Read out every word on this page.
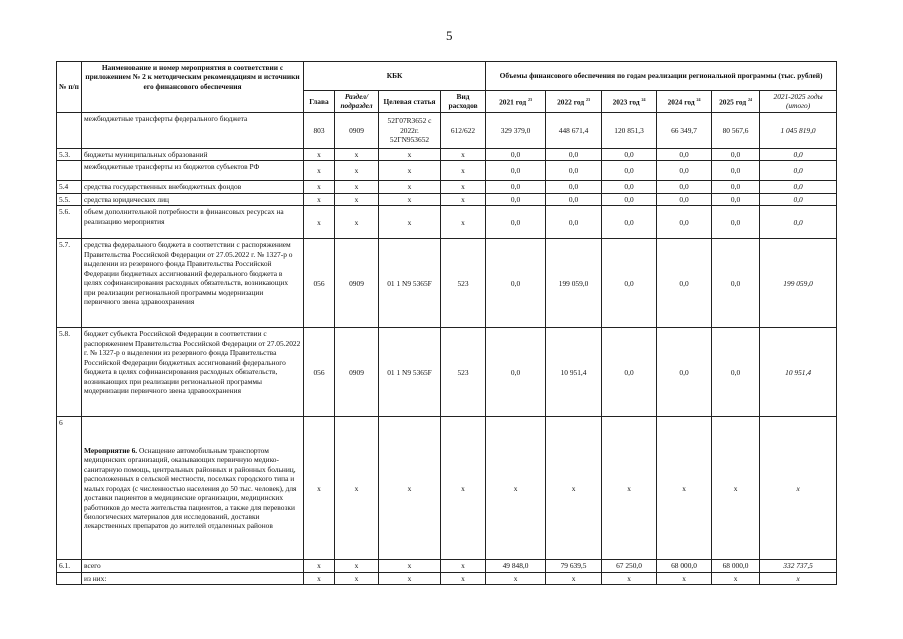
5
№ п/п	Наименование и номер мероприятия в соответствии с приложением № 2 к методическим рекомендациям и источники его финансового обеспечения	КБК				Объемы финансового обеспечения по годам реализации региональной программы (тыс. рублей)					
		Глава	Раздел/ подраздел	Целевая статья	Вид расходов	2021 год $^{23}$	2022 год $^{23}$	2023 год $^{24}$	2024 год $^{24}$	2025 год $^{24}$	2021-2025 годы (итого)
	межбюджетные трансферты федерального бюджета	803	0909	52Г07R3652 с 2022г. 52ГN953652	612/622	329 379,0	448 671,4	120 851,3	66 349,7	80 567,6	1 045 819,0
5.3.	бюджеты муниципальных образований	x	x	x	x	0,0	0,0	0,0	0,0	0,0	0,0
	межбюджетные трансферты из бюджетов субъектов РФ	x	x	x	x	0,0	0,0	0,0	0,0	0,0	0,0
5.4	средства государственных внебюджетных фондов	x	x	x	x	0,0	0,0	0,0	0,0	0,0	0,0
5.5.	средства юридических лиц	x	x	x	x	0,0	0,0	0,0	0,0	0,0	0,0
5.6.	объем дополнительной потребности в финансовых ресурсах на реализацию мероприятия	x	x	x	x	0,0	0,0	0,0	0,0	0,0	0,0
5.7.	средства федерального бюджета в соответствии с распоряжением Правительства Российской Федерации от 27.05.2022 г. № 1327-р о выделении из резервного фонда Правительства Российской Федерации бюджетных ассигнований федерального бюджета в целях софинансирования расходных обязательств, возникающих при реализации региональной программы модернизации первичного звена здравоохранения	056	0909	01 1 N9 5365F	523	0,0	199 059,0	0,0	0,0	0,0	199 059,0
5.8.	бюджет субъекта Российской Федерации в соответствии с распоряжением Правительства Российской Федерации от 27.05.2022 г. № 1327-р о выделении из резервного фонда Правительства Российской Федерации бюджетных ассигнований федерального бюджета в целях софинансирования расходных обязательств, возникающих при реализации региональной программы модернизации первичного звена здравоохранения	056	0909	01 1 N9 5365F	523	0,0	10 951,4	0,0	0,0	0,0	10 951,4
6	Мероприятие 6. Оснащение автомобильным транспортом медицинских организаций, оказывающих первичную медико-санитарную помощь, центральных районных и районных больниц, расположенных в сельской местности, поселках городского типа и малых городах (с численностью населения до 50 тыс. человек), для доставки пациентов в медицинские организации, медицинских работников до места жительства пациентов, а также для перевозки биологических материалов для исследований, доставки лекарственных препаратов до жителей отдаленных районов	x	x	x	x	x	x	x	x	x	x
6.1.	всего	x	x	x	x	49 848,0	79 639,5	67 250,0	68 000,0	68 000,0	332 737,5
	из них:	x	x	x	x	x	x	x	x	x	x
